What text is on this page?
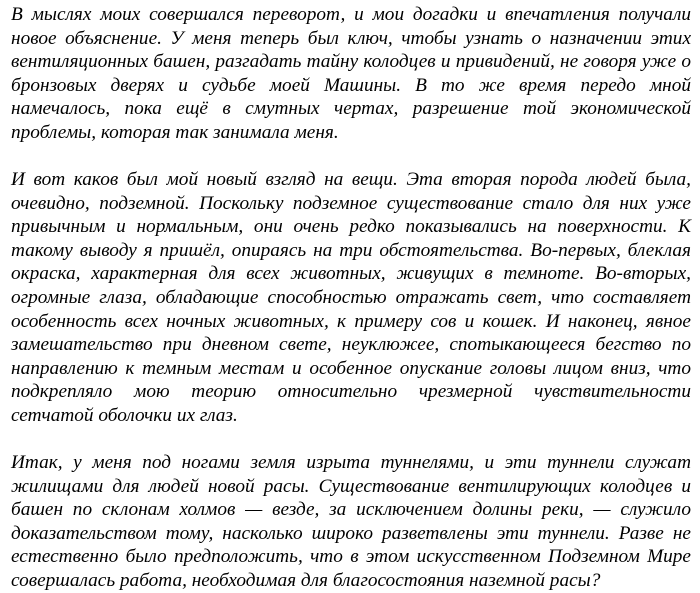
В мыслях моих совершался переворот, и мои догадки и впечатления получали новое объяснение. У меня теперь был ключ, чтобы узнать о назначении этих вентиляционных башен, разгадать тайну колодцев и привидений, не говоря уже о бронзовых дверях и судьбе моей Машины. В то же время передо мной намечалось, пока ещё в смутных чертах, разрешение той экономической проблемы, которая так занимала меня.

И вот каков был мой новый взгляд на вещи. Эта вторая порода людей была, очевидно, подземной. Поскольку подземное существование стало для них уже привычным и нормальным, они очень редко показывались на поверхности. К такому выводу я пришёл, опираясь на три обстоятельства. Во-первых, блеклая окраска, характерная для всех животных, живущих в темноте. Во-вторых, огромные глаза, обладающие способностью отражать свет, что составляет особенность всех ночных животных, к примеру сов и кошек. И наконец, явное замешательство при дневном свете, неуклюжее, спотыкающееся бегство по направлению к темным местам и особенное опускание головы лицом вниз, что подкрепляло мою теорию относительно чрезмерной чувствительности сетчатой оболочки их глаз.

Итак, у меня под ногами земля изрыта туннелями, и эти туннели служат жилищами для людей новой расы. Существование вентилирующих колодцев и башен по склонам холмов — везде, за исключением долины реки, — служило доказательством тому, насколько широко разветвлены эти туннели. Разве не естественно было предположить, что в этом искусственном Подземном Мире совершалась работа, необходимая для благосостояния наземной расы?
